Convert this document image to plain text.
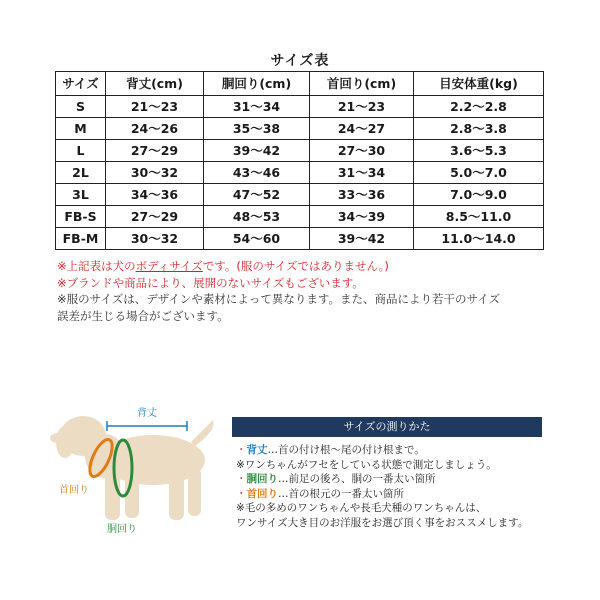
サイズ表
サイズ	背丈(cm)	胴回り(cm)	首回り(cm)	目安体重(kg)
S	21〜23	31〜34	21〜23	2.2〜2.8
M	24〜26	35〜38	24〜27	2.8〜3.8
L	27〜29	39〜42	27〜30	3.6〜5.3
2L	30〜32	43〜46	31〜34	5.0〜7.0
3L	34〜36	47〜52	33〜36	7.0〜9.0
FB-S	27〜29	48〜53	34〜39	8.5〜11.0
FB-M	30〜32	54〜60	39〜42	11.0〜14.0
※上記表は犬のボディサイズです。(服のサイズではありません。)
※ブランドや商品により、展開のないサイズもございます。
※服のサイズは、デザインや素材によって異なります。また、商品により若干のサイズ
誤差が生じる場合がございます。
背丈
首回り
胴回り
サイズの測りかた
・背丈…首の付け根〜尾の付け根まで。
※ワンちゃんがフセをしている状態で測定しましょう。
・胴回り…前足の後ろ、胴の一番太い箇所
・首回り…首の根元の一番太い箇所
※毛の多めのワンちゃんや長毛犬種のワンちゃんは、
ワンサイズ大き目のお洋服をお選び頂く事をおススメします。
